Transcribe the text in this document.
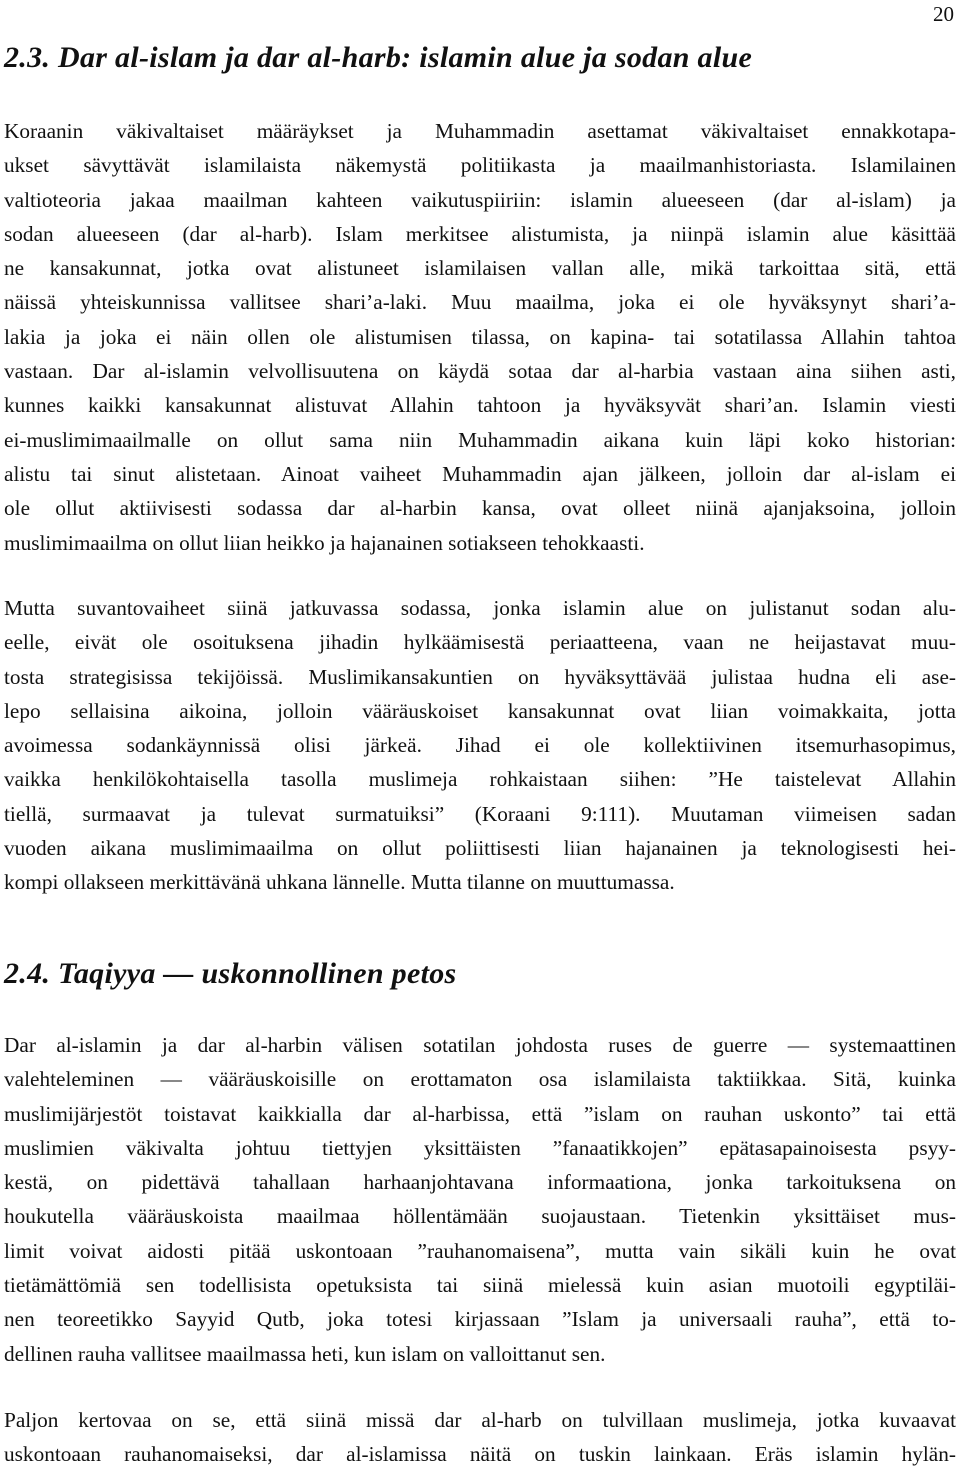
20
2.3. Dar al-islam ja dar al-harb: islamin alue ja sodan alue
Koraanin väkivaltaiset määräykset ja Muhammadin asettamat väkivaltaiset ennakkotapa-
ukset sävyttävät islamilaista näkemystä politiikasta ja maailmanhistoriasta. Islamilainen
valtioteoria jakaa maailman kahteen vaikutuspiiriin: islamin alueeseen (dar al-islam) ja
sodan alueeseen (dar al-harb). Islam merkitsee alistumista, ja niinpä islamin alue käsittää
ne kansakunnat, jotka ovat alistuneet islamilaisen vallan alle, mikä tarkoittaa sitä, että
näissä yhteiskunnissa vallitsee shari’a-laki. Muu maailma, joka ei ole hyväksynyt shari’a-
lakia ja joka ei näin ollen ole alistumisen tilassa, on kapina- tai sotatilassa Allahin tahtoa
vastaan. Dar al-islamin velvollisuutena on käydä sotaa dar al-harbia vastaan aina siihen asti,
kunnes kaikki kansakunnat alistuvat Allahin tahtoon ja hyväksyvät shari’an. Islamin viesti
ei-muslimimaailmalle on ollut sama niin Muhammadin aikana kuin läpi koko historian:
alistu tai sinut alistetaan. Ainoat vaiheet Muhammadin ajan jälkeen, jolloin dar al-islam ei
ole ollut aktiivisesti sodassa dar al-harbin kansa, ovat olleet niinä ajanjaksoina, jolloin
muslimimaailma on ollut liian heikko ja hajanainen sotiakseen tehokkaasti.
Mutta suvantovaiheet siinä jatkuvassa sodassa, jonka islamin alue on julistanut sodan alu-
eelle, eivät ole osoituksena jihadin hylkäämisestä periaatteena, vaan ne heijastavat muu-
tosta strategisissa tekijöissä. Muslimikansakuntien on hyväksyttävää julistaa hudna eli ase-
lepo sellaisina aikoina, jolloin vääräuskoiset kansakunnat ovat liian voimakkaita, jotta
avoimessa sodankäynnissä olisi järkeä. Jihad ei ole kollektiivinen itsemurhasopimus,
vaikka henkilökohtaisella tasolla muslimeja rohkaistaan siihen: ”He taistelevat Allahin
tiellä, surmaavat ja tulevat surmatuiksi” (Koraani 9:111). Muutaman viimeisen sadan
vuoden aikana muslimimaailma on ollut poliittisesti liian hajanainen ja teknologisesti hei-
kompi ollakseen merkittävänä uhkana lännelle. Mutta tilanne on muuttumassa.
2.4. Taqiyya — uskonnollinen petos
Dar al-islamin ja dar al-harbin välisen sotatilan johdosta ruses de guerre — systemaattinen
valehteleminen — vääräuskoisille on erottamaton osa islamilaista taktiikkaa. Sitä, kuinka
muslimijärjestöt toistavat kaikkialla dar al-harbissa, että ”islam on rauhan uskonto” tai että
muslimien väkivalta johtuu tiettyjen yksittäisten ”fanaatikkojen” epätasapainoisesta psyy-
kestä, on pidettävä tahallaan harhaanjohtavana informaationa, jonka tarkoituksena on
houkutella vääräuskoista maailmaa höllentämään suojaustaan. Tietenkin yksittäiset mus-
limit voivat aidosti pitää uskontoaan ”rauhanomaisena”, mutta vain sikäli kuin he ovat
tietämättömiä sen todellisista opetuksista tai siinä mielessä kuin asian muotoili egyptiläi-
nen teoreetikko Sayyid Qutb, joka totesi kirjassaan ”Islam ja universaali rauha”, että to-
dellinen rauha vallitsee maailmassa heti, kun islam on valloittanut sen.
Paljon kertovaa on se, että siinä missä dar al-harb on tulvillaan muslimeja, jotka kuvaavat
uskontoaan rauhanomaiseksi, dar al-islamissa näitä on tuskin lainkaan. Eräs islamin hylän-
